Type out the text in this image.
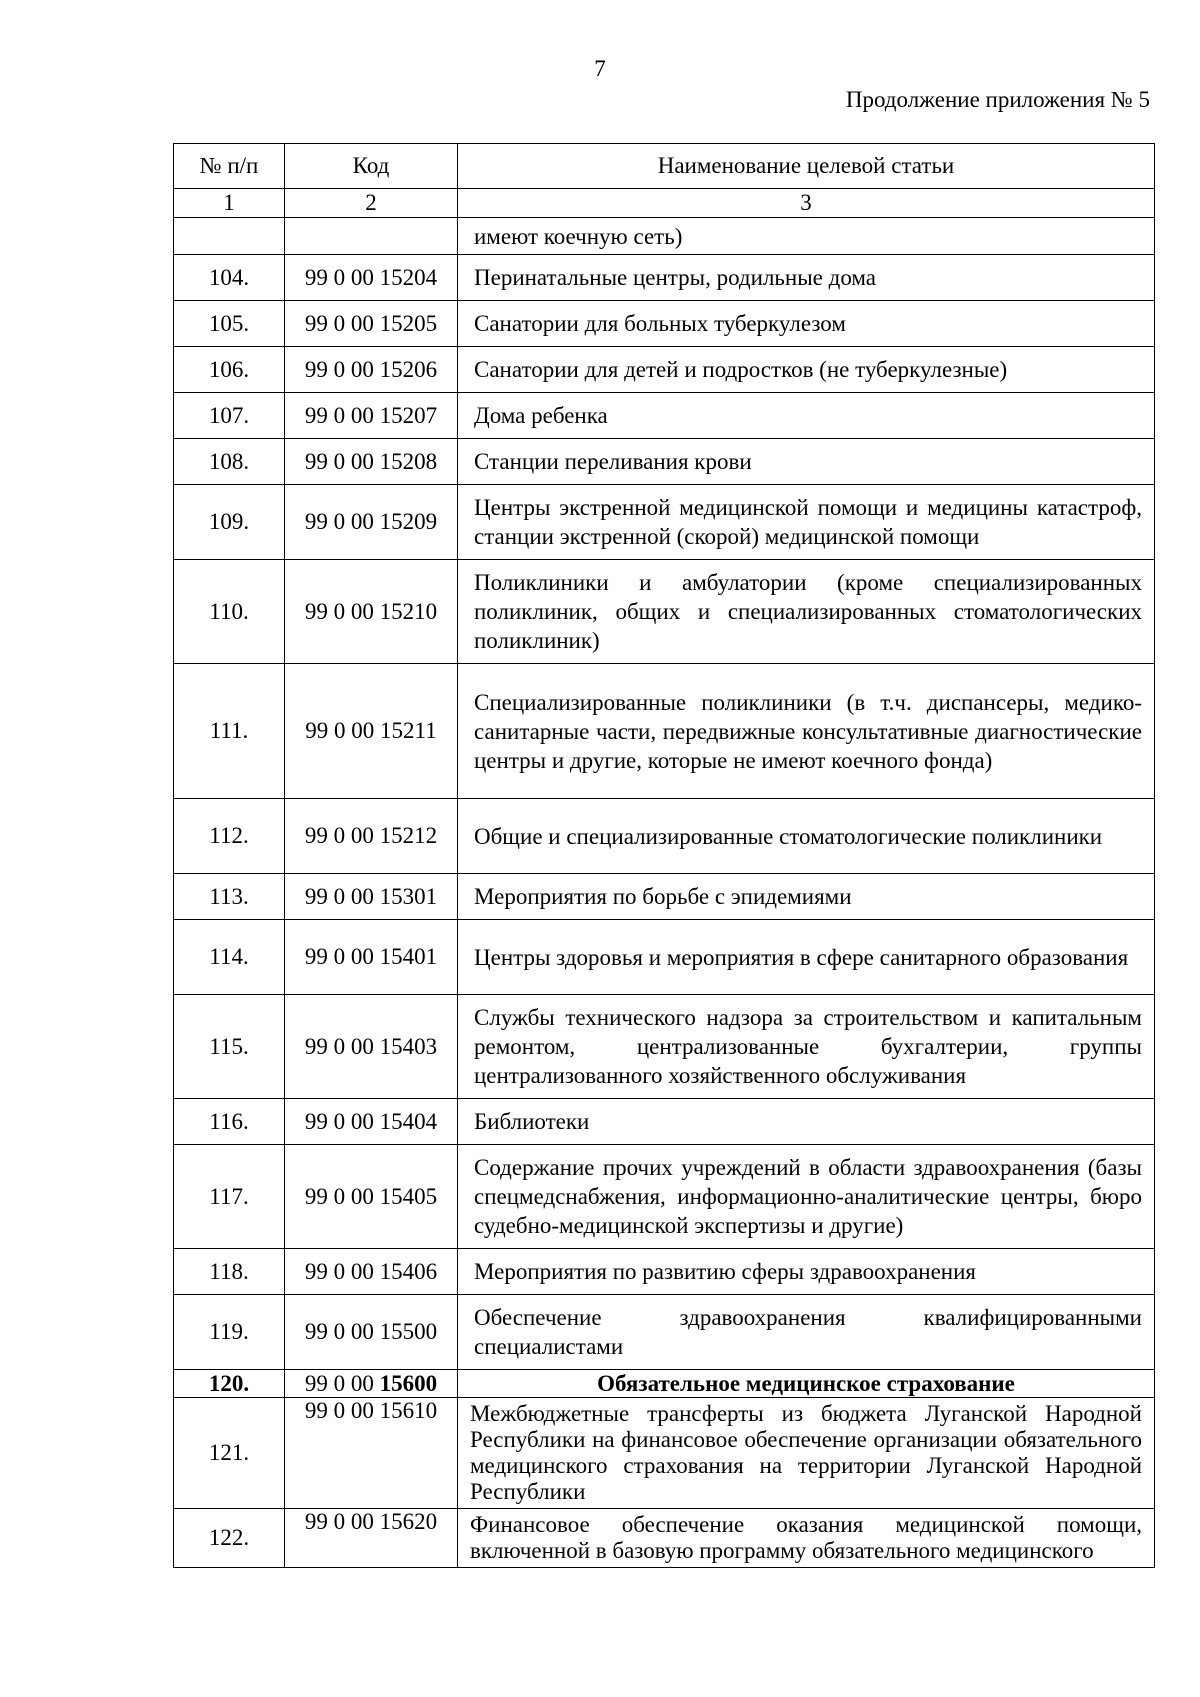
7
Продолжение приложения № 5
№ п/п	Код	Наименование целевой статьи
1	2	3
		имеют коечную сеть)
104.	99 0 00 15204	Перинатальные центры, родильные дома
105.	99 0 00 15205	Санатории для больных туберкулезом
106.	99 0 00 15206	Санатории для детей и подростков (не туберкулезные)
107.	99 0 00 15207	Дома ребенка
108.	99 0 00 15208	Станции переливания крови
109.	99 0 00 15209	Центры экстренной медицинской помощи и медицины катастроф, станции экстренной (скорой) медицинской помощи
110.	99 0 00 15210	Поликлиники и амбулатории (кроме специализированных поликлиник, общих и специализированных стоматологических поликлиник)
111.	99 0 00 15211	Специализированные поликлиники (в т.ч. диспансеры, медико-санитарные части, передвижные консультативные диагностические центры и другие, которые не имеют коечного фонда)
112.	99 0 00 15212	Общие и специализированные стоматологические поликлиники
113.	99 0 00 15301	Мероприятия по борьбе с эпидемиями
114.	99 0 00 15401	Центры здоровья и мероприятия в сфере санитарного образования
115.	99 0 00 15403	Службы технического надзора за строительством и капитальным ремонтом, централизованные бухгалтерии, группы централизованного хозяйственного обслуживания
116.	99 0 00 15404	Библиотеки
117.	99 0 00 15405	Содержание прочих учреждений в области здравоохранения (базы спецмедснабжения, информационно-аналитические центры, бюро судебно-медицинской экспертизы и другие)
118.	99 0 00 15406	Мероприятия по развитию сферы здравоохранения
119.	99 0 00 15500	Обеспечение здравоохранения квалифицированными специалистами
120.	99 0 00 15600	Обязательное медицинское страхование
121.	99 0 00 15610	Межбюджетные трансферты из бюджета Луганской Народной Республики на финансовое обеспечение организации обязательного медицинского страхования на территории Луганской Народной Республики
122.	99 0 00 15620	Финансовое обеспечение оказания медицинской помощи, включенной в базовую программу обязательного медицинского
